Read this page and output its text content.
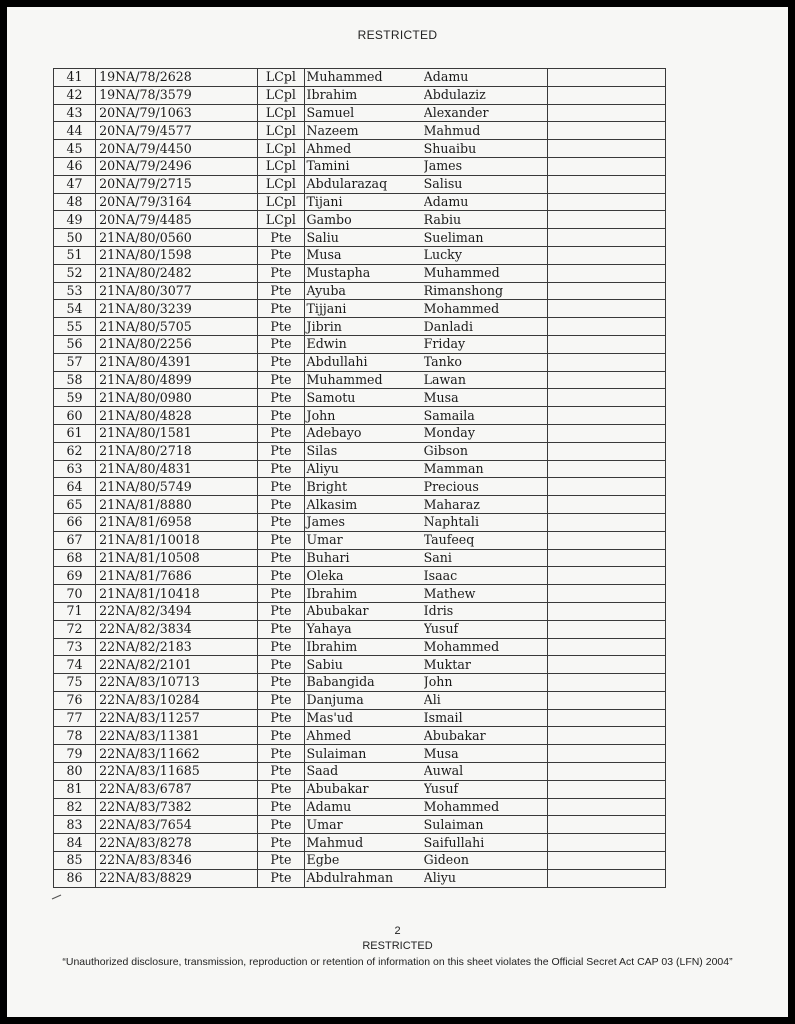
RESTRICTED
41	19NA/78/2628	LCpl	Muhammed	Adamu	
42	19NA/78/3579	LCpl	Ibrahim	Abdulaziz	
43	20NA/79/1063	LCpl	Samuel	Alexander	
44	20NA/79/4577	LCpl	Nazeem	Mahmud	
45	20NA/79/4450	LCpl	Ahmed	Shuaibu	
46	20NA/79/2496	LCpl	Tamini	James	
47	20NA/79/2715	LCpl	Abdularazaq	Salisu	
48	20NA/79/3164	LCpl	Tijani	Adamu	
49	20NA/79/4485	LCpl	Gambo	Rabiu	
50	21NA/80/0560	Pte	Saliu	Sueliman	
51	21NA/80/1598	Pte	Musa	Lucky	
52	21NA/80/2482	Pte	Mustapha	Muhammed	
53	21NA/80/3077	Pte	Ayuba	Rimanshong	
54	21NA/80/3239	Pte	Tijjani	Mohammed	
55	21NA/80/5705	Pte	Jibrin	Danladi	
56	21NA/80/2256	Pte	Edwin	Friday	
57	21NA/80/4391	Pte	Abdullahi	Tanko	
58	21NA/80/4899	Pte	Muhammed	Lawan	
59	21NA/80/0980	Pte	Samotu	Musa	
60	21NA/80/4828	Pte	John	Samaila	
61	21NA/80/1581	Pte	Adebayo	Monday	
62	21NA/80/2718	Pte	Silas	Gibson	
63	21NA/80/4831	Pte	Aliyu	Mamman	
64	21NA/80/5749	Pte	Bright	Precious	
65	21NA/81/8880	Pte	Alkasim	Maharaz	
66	21NA/81/6958	Pte	James	Naphtali	
67	21NA/81/10018	Pte	Umar	Taufeeq	
68	21NA/81/10508	Pte	Buhari	Sani	
69	21NA/81/7686	Pte	Oleka	Isaac	
70	21NA/81/10418	Pte	Ibrahim	Mathew	
71	22NA/82/3494	Pte	Abubakar	Idris	
72	22NA/82/3834	Pte	Yahaya	Yusuf	
73	22NA/82/2183	Pte	Ibrahim	Mohammed	
74	22NA/82/2101	Pte	Sabiu	Muktar	
75	22NA/83/10713	Pte	Babangida	John	
76	22NA/83/10284	Pte	Danjuma	Ali	
77	22NA/83/11257	Pte	Mas'ud	Ismail	
78	22NA/83/11381	Pte	Ahmed	Abubakar	
79	22NA/83/11662	Pte	Sulaiman	Musa	
80	22NA/83/11685	Pte	Saad	Auwal	
81	22NA/83/6787	Pte	Abubakar	Yusuf	
82	22NA/83/7382	Pte	Adamu	Mohammed	
83	22NA/83/7654	Pte	Umar	Sulaiman	
84	22NA/83/8278	Pte	Mahmud	Saifullahi	
85	22NA/83/8346	Pte	Egbe	Gideon	
86	22NA/83/8829	Pte	Abdulrahman	Aliyu	
2
RESTRICTED
“Unauthorized disclosure, transmission, reproduction or retention of information on this sheet violates the Official Secret Act CAP 03 (LFN) 2004”
